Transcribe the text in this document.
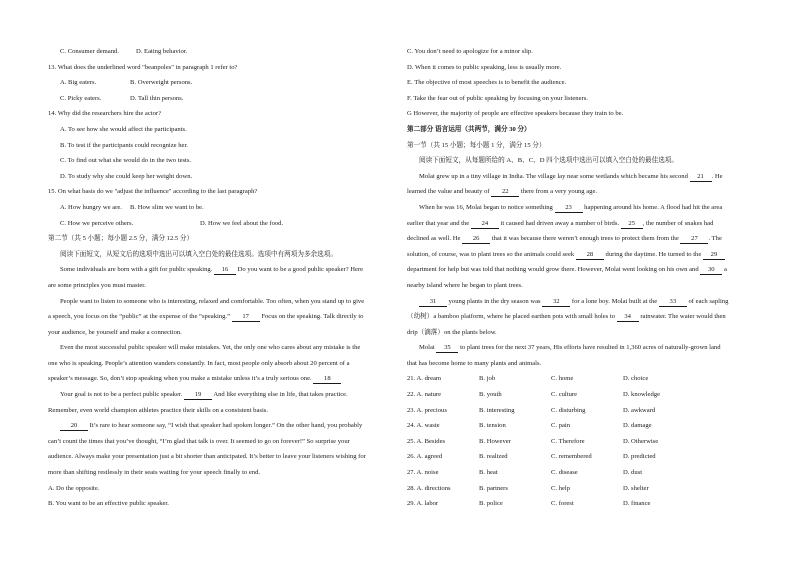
C. Consumer demand.	D. Eating behavior.
13. What does the underlined word "beanpoles" in paragraph 1 refer to?
A. Big eaters.	B. Overweight persons.
C. Picky eaters.	D. Tall thin persons.
14. Why did the researchers hire the actor?
A. To see how she would affect the participants.
B. To test if the participants could recognize her.
C. To find out what she would do in the two tests.
D. To study why she could keep her weight down.
15. On what basis do we "adjust the influence" according to the last paragraph?
A. How hungry we are. B. How slim we want to be.
C. How we perceive others.	D. How we feel about the food.
第二节（共 5 小题；每小题 2.5 分，满分 12.5 分）
阅读下面短文，从短文后的选项中选出可以填入空白处的最佳选项。选项中有两项为多余选项。
Some individuals are born with a gift for public speaking. 16 Do you want to be a good public speaker? Here
are some principles you must master.
People want to listen to someone who is interesting, relaxed and comfortable. Too often, when you stand up to give
a speech, you focus on the “public” at the expense of the “speaking.” 17 Focus on the speaking. Talk directly to
your audience, be yourself and make a connection.
Even the most successful public speaker will make mistakes. Yet, the only one who cares about any mistake is the
one who is speaking. People’s attention wanders constantly. In fact, most people only absorb about 20 percent of a
speaker’s message. So, don’t stop speaking when you make a mistake unless it’s a truly serious one. 18
Your goal is not to be a perfect public speaker. 19 And like everything else in life, that takes practice.
Remember, even world champion athletes practice their skills on a consistent basis.
20 It’s rare to hear someone say, “I wish that speaker had spoken longer.” On the other hand, you probably
can’t count the times that you’ve thought, “I’m glad that talk is over. It seemed to go on forever!” So surprise your
audience. Always make your presentation just a bit shorter than anticipated. It’s better to leave your listeners wishing for
more than shifting restlessly in their seats waiting for your speech finally to end.
A. Do the opposite.
B. You want to be an effective public speaker.
C. You don’t need to apologize for a minor slip.
D. When it comes to public speaking, less is usually more.
E. The objective of most speeches is to benefit the audience.
F. Take the fear out of public speaking by focusing on your listeners.
G However, the majority of people are effective speakers because they train to be.
第二部分 语言运用（共两节，满分 30 分）
第一节（共 15 小题；每小题 1 分，满分 15 分）
阅读下面短文，从每题所给的 A、B、C、D 四个选项中选出可以填入空白处的最佳选项。
Molai grew up in a tiny village in India. The village lay near some wetlands which became his second 21 . He
learned the value and beauty of 22 there from a very young age.
When he was 16, Molai began to notice something 23 happening around his home. A flood had hit the area
earlier that year and the 24 it caused had driven away a number of birds. 25 , the number of snakes had
declined as well. He 26 that it was because there weren’t enough trees to protect them from the 27 . The
solution, of course, was to plant trees so the animals could seek 28 during the daytime. He turned to the 29
department for help but was told that nothing would grow there. However, Molai went looking on his own and 30 a
nearby island where he began to plant trees.
31 young plants in the dry season was 32 for a lone boy. Molai built at the 33 of each sapling
（幼树）a bamboo platform, where he placed earthen pots with small holes to 34 rainwater. The water would then
drip（滴落）on the plants below.
Molai 35 to plant trees for the next 37 years, His efforts have resulted in 1,360 acres of naturally-grown land
that has become home to many plants and animals.
21. A. dream	B. job	C. home	D. choice
22. A. nature	B. youth	C. culture	D. knowledge
23. A. precious	B. interesting	C. disturbing	D. awkward
24. A. waste	B. tension	C. pain	D. damage
25. A. Besides	B. However	C. Therefore	D. Otherwise
26. A. agreed	B. realized	C. remembered	D. predicted
27. A. noise	B. heat	C. disease	D. dust
28. A. directions	B. partners	C. help	D. shelter
29. A. labor	B. police	C. forest	D. finance
